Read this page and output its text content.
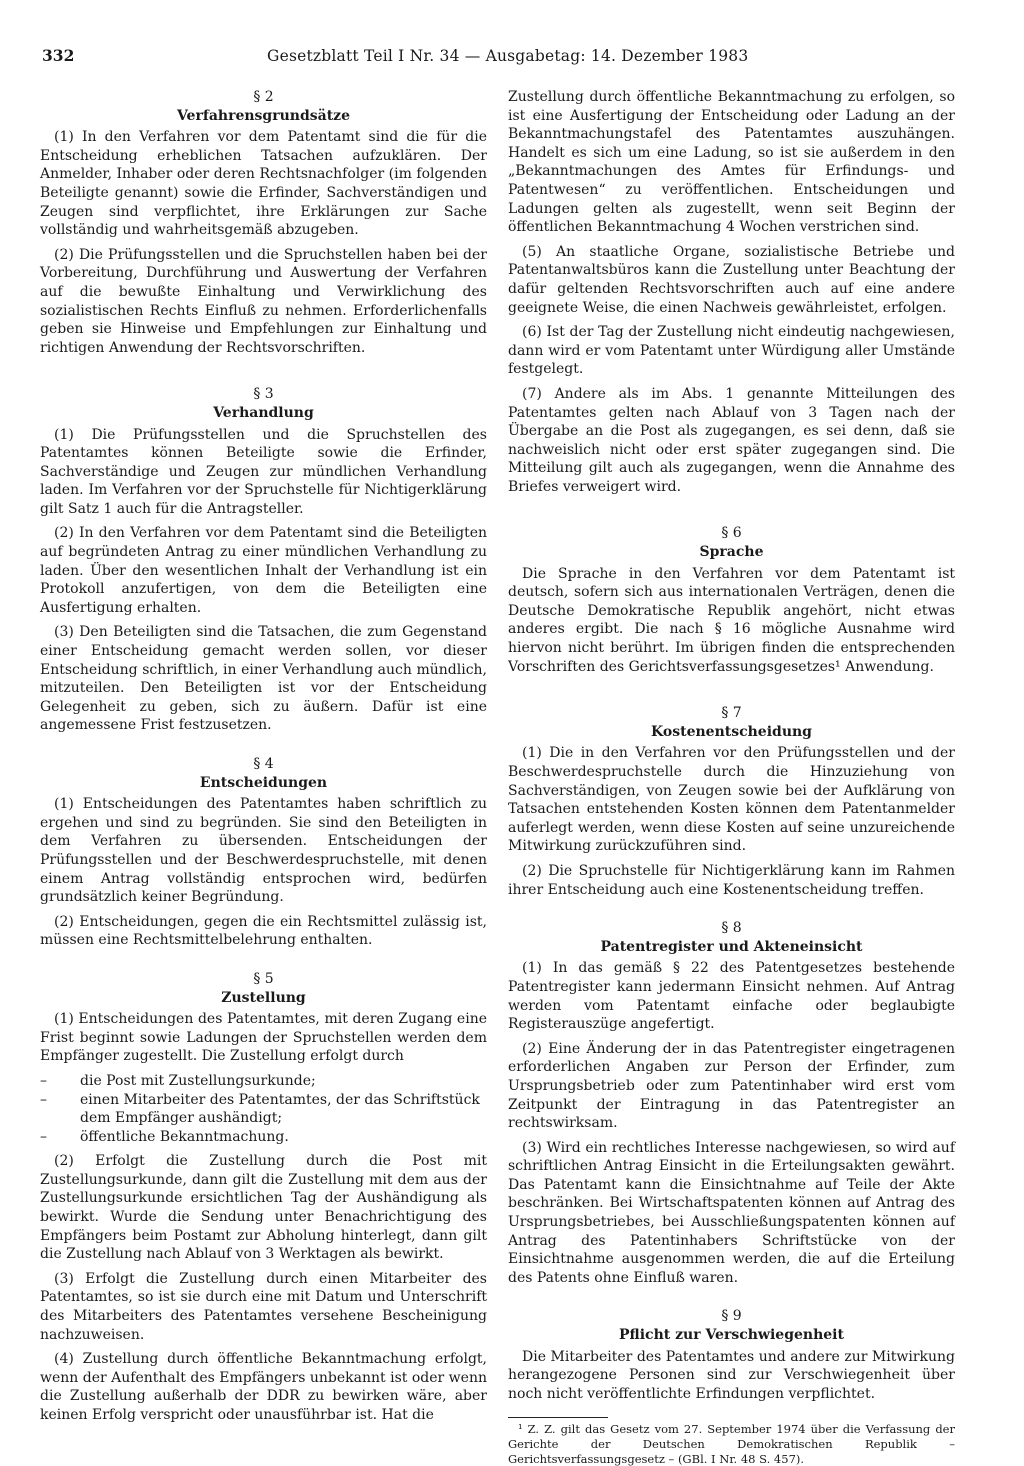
332	Gesetzblatt Teil I Nr. 34 — Ausgabetag: 14. Dezember 1983
§ 2
Verfahrensgrundsätze

(1) In den Verfahren vor dem Patentamt sind die für die Entscheidung erheblichen Tatsachen aufzuklären. Der Anmelder, Inhaber oder deren Rechtsnachfolger (im folgenden Beteiligte genannt) sowie die Erfinder, Sachverständigen und Zeugen sind verpflichtet, ihre Erklärungen zur Sache vollständig und wahrheitsgemäß abzugeben.

(2) Die Prüfungsstellen und die Spruchstellen haben bei der Vorbereitung, Durchführung und Auswertung der Verfahren auf die bewußte Einhaltung und Verwirklichung des sozialistischen Rechts Einfluß zu nehmen. Erforderlichenfalls geben sie Hinweise und Empfehlungen zur Einhaltung und richtigen Anwendung der Rechtsvorschriften.

§ 3
Verhandlung

(1) Die Prüfungsstellen und die Spruchstellen des Patentamtes können Beteiligte sowie die Erfinder, Sachverständige und Zeugen zur mündlichen Verhandlung laden. Im Verfahren vor der Spruchstelle für Nichtigerklärung gilt Satz 1 auch für die Antragsteller.

(2) In den Verfahren vor dem Patentamt sind die Beteiligten auf begründeten Antrag zu einer mündlichen Verhandlung zu laden. Über den wesentlichen Inhalt der Verhandlung ist ein Protokoll anzufertigen, von dem die Beteiligten eine Ausfertigung erhalten.

(3) Den Beteiligten sind die Tatsachen, die zum Gegenstand einer Entscheidung gemacht werden sollen, vor dieser Entscheidung schriftlich, in einer Verhandlung auch mündlich, mitzuteilen. Den Beteiligten ist vor der Entscheidung Gelegenheit zu geben, sich zu äußern. Dafür ist eine angemessene Frist festzusetzen.

§ 4
Entscheidungen

(1) Entscheidungen des Patentamtes haben schriftlich zu ergehen und sind zu begründen. Sie sind den Beteiligten in dem Verfahren zu übersenden. Entscheidungen der Prüfungsstellen und der Beschwerdespruchstelle, mit denen einem Antrag vollständig entsprochen wird, bedürfen grundsätzlich keiner Begründung.

(2) Entscheidungen, gegen die ein Rechtsmittel zulässig ist, müssen eine Rechtsmittelbelehrung enthalten.

§ 5
Zustellung

(1) Entscheidungen des Patentamtes, mit deren Zugang eine Frist beginnt sowie Ladungen der Spruchstellen werden dem Empfänger zugestellt. Die Zustellung erfolgt durch

– die Post mit Zustellungsurkunde;
– einen Mitarbeiter des Patentamtes, der das Schriftstück dem Empfänger aushändigt;
– öffentliche Bekanntmachung.

(2) Erfolgt die Zustellung durch die Post mit Zustellungsurkunde, dann gilt die Zustellung mit dem aus der Zustellungsurkunde ersichtlichen Tag der Aushändigung als bewirkt. Wurde die Sendung unter Benachrichtigung des Empfängers beim Postamt zur Abholung hinterlegt, dann gilt die Zustellung nach Ablauf von 3 Werktagen als bewirkt.

(3) Erfolgt die Zustellung durch einen Mitarbeiter des Patentamtes, so ist sie durch eine mit Datum und Unterschrift des Mitarbeiters des Patentamtes versehene Bescheinigung nachzuweisen.

(4) Zustellung durch öffentliche Bekanntmachung erfolgt, wenn der Aufenthalt des Empfängers unbekannt ist oder wenn die Zustellung außerhalb der DDR zu bewirken wäre, aber keinen Erfolg verspricht oder unausführbar ist. Hat die

Zustellung durch öffentliche Bekanntmachung zu erfolgen, so ist eine Ausfertigung der Entscheidung oder Ladung an der Bekanntmachungstafel des Patentamtes auszuhängen. Handelt es sich um eine Ladung, so ist sie außerdem in den „Bekanntmachungen des Amtes für Erfindungs- und Patentwesen“ zu veröffentlichen. Entscheidungen und Ladungen gelten als zugestellt, wenn seit Beginn der öffentlichen Bekanntmachung 4 Wochen verstrichen sind.

(5) An staatliche Organe, sozialistische Betriebe und Patentanwaltsbüros kann die Zustellung unter Beachtung der dafür geltenden Rechtsvorschriften auch auf eine andere geeignete Weise, die einen Nachweis gewährleistet, erfolgen.

(6) Ist der Tag der Zustellung nicht eindeutig nachgewiesen, dann wird er vom Patentamt unter Würdigung aller Umstände festgelegt.

(7) Andere als im Abs. 1 genannte Mitteilungen des Patentamtes gelten nach Ablauf von 3 Tagen nach der Übergabe an die Post als zugegangen, es sei denn, daß sie nachweislich nicht oder erst später zugegangen sind. Die Mitteilung gilt auch als zugegangen, wenn die Annahme des Briefes verweigert wird.

§ 6
Sprache

Die Sprache in den Verfahren vor dem Patentamt ist deutsch, sofern sich aus internationalen Verträgen, denen die Deutsche Demokratische Republik angehört, nicht etwas anderes ergibt. Die nach § 16 mögliche Ausnahme wird hiervon nicht berührt. Im übrigen finden die entsprechenden Vorschriften des Gerichtsverfassungsgesetzes¹ Anwendung.

§ 7
Kostenentscheidung

(1) Die in den Verfahren vor den Prüfungsstellen und der Beschwerdespruchstelle durch die Hinzuziehung von Sachverständigen, von Zeugen sowie bei der Aufklärung von Tatsachen entstehenden Kosten können dem Patentanmelder auferlegt werden, wenn diese Kosten auf seine unzureichende Mitwirkung zurückzuführen sind.

(2) Die Spruchstelle für Nichtigerklärung kann im Rahmen ihrer Entscheidung auch eine Kostenentscheidung treffen.

§ 8
Patentregister und Akteneinsicht

(1) In das gemäß § 22 des Patentgesetzes bestehende Patentregister kann jedermann Einsicht nehmen. Auf Antrag werden vom Patentamt einfache oder beglaubigte Registerauszüge angefertigt.

(2) Eine Änderung der in das Patentregister eingetragenen erforderlichen Angaben zur Person der Erfinder, zum Ursprungsbetrieb oder zum Patentinhaber wird erst vom Zeitpunkt der Eintragung in das Patentregister an rechtswirksam.

(3) Wird ein rechtliches Interesse nachgewiesen, so wird auf schriftlichen Antrag Einsicht in die Erteilungsakten gewährt. Das Patentamt kann die Einsichtnahme auf Teile der Akte beschränken. Bei Wirtschaftspatenten können auf Antrag des Ursprungsbetriebes, bei Ausschließungspatenten können auf Antrag des Patentinhabers Schriftstücke von der Einsichtnahme ausgenommen werden, die auf die Erteilung des Patents ohne Einfluß waren.

§ 9
Pflicht zur Verschwiegenheit

Die Mitarbeiter des Patentamtes und andere zur Mitwirkung herangezogene Personen sind zur Verschwiegenheit über noch nicht veröffentlichte Erfindungen verpflichtet.

¹ Z. Z. gilt das Gesetz vom 27. September 1974 über die Verfassung der Gerichte der Deutschen Demokratischen Republik – Gerichtsverfassungsgesetz – (GBl. I Nr. 48 S. 457).
